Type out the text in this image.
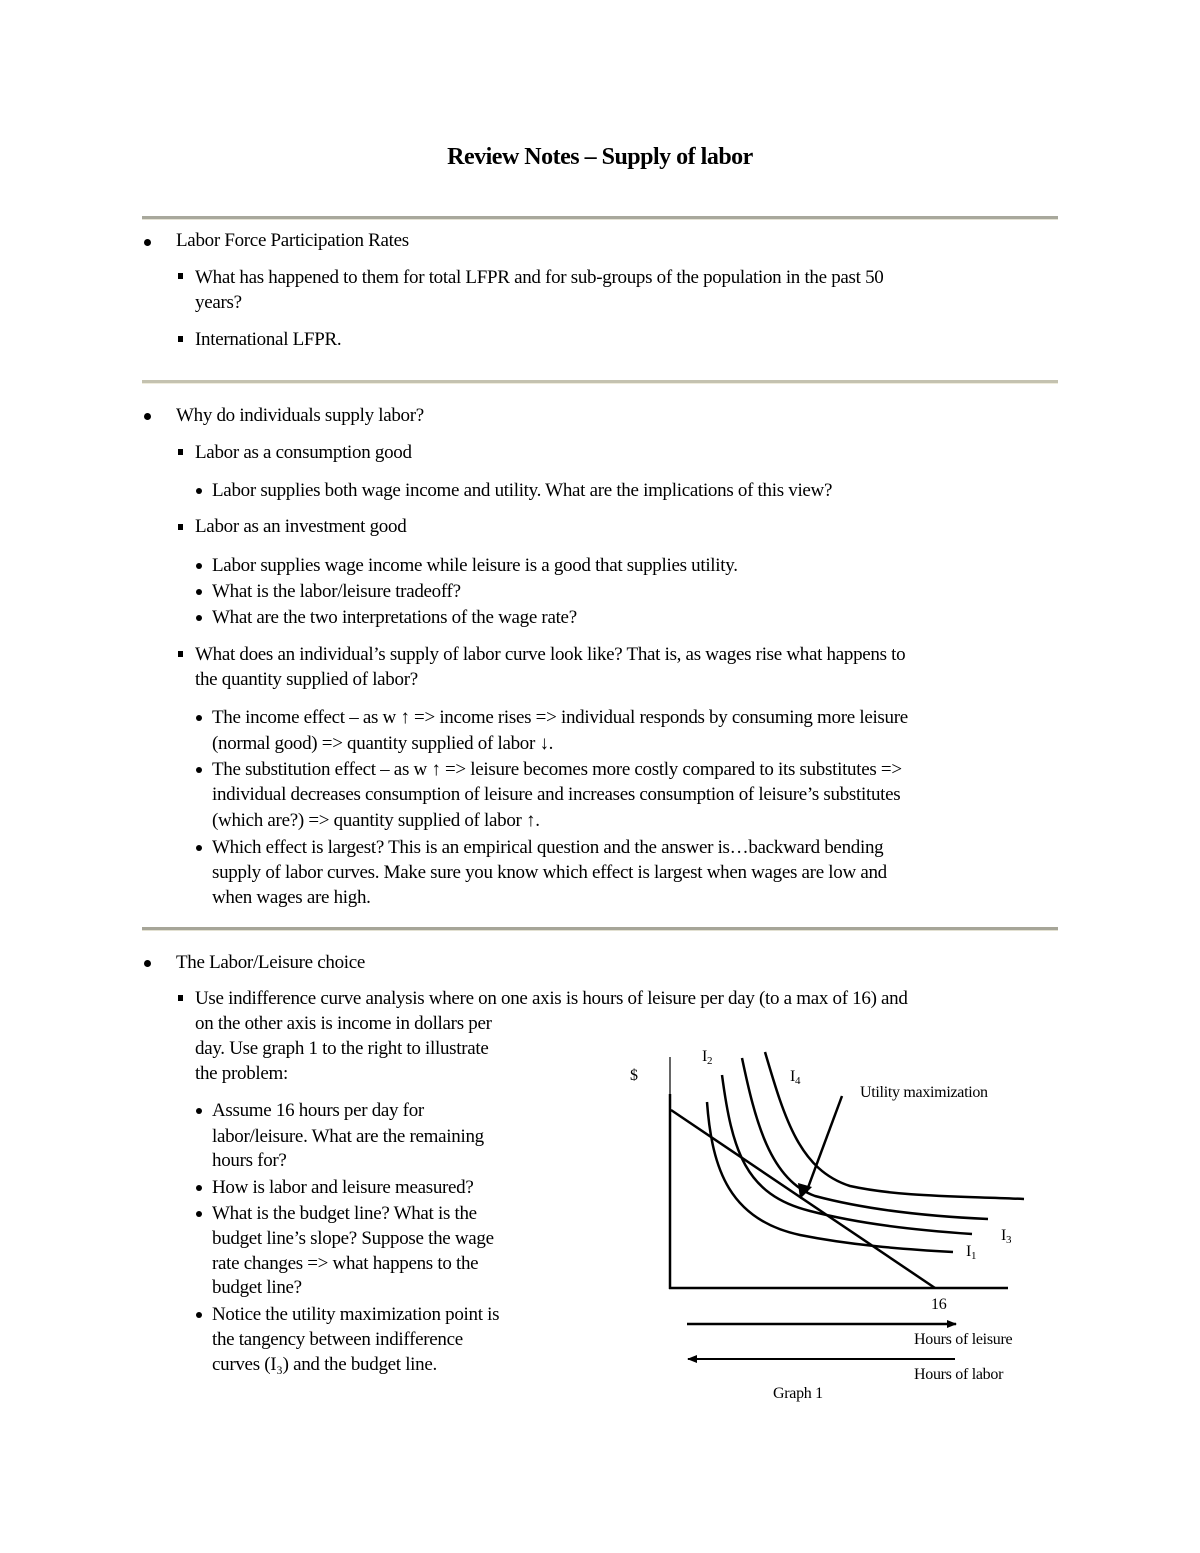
Review Notes – Supply of labor
Labor Force Participation Rates
What has happened to them for total LFPR and for sub-groups of the population in the past 50
years?
International LFPR.
Why do individuals supply labor?
Labor as a consumption good
Labor supplies both wage income and utility. What are the implications of this view?
Labor as an investment good
Labor supplies wage income while leisure is a good that supplies utility.
What is the labor/leisure tradeoff?
What are the two interpretations of the wage rate?
What does an individual’s supply of labor curve look like? That is, as wages rise what happens to
the quantity supplied of labor?
The income effect – as w ↑ => income rises => individual responds by consuming more leisure
(normal good) => quantity supplied of labor ↓.
The substitution effect – as w ↑ => leisure becomes more costly compared to its substitutes =>
individual decreases consumption of leisure and increases consumption of leisure’s substitutes
(which are?) => quantity supplied of labor ↑.
Which effect is largest? This is an empirical question and the answer is…backward bending
supply of labor curves. Make sure you know which effect is largest when wages are low and
when wages are high.
The Labor/Leisure choice
Use indifference curve analysis where on one axis is hours of leisure per day (to a max of 16) and
on the other axis is income in dollars per
day. Use graph 1 to the right to illustrate
the problem:
Assume 16 hours per day for
labor/leisure. What are the remaining
hours for?
How is labor and leisure measured?
What is the budget line? What is the
budget line’s slope? Suppose the wage
rate changes => what happens to the
budget line?
Notice the utility maximization point is
the tangency between indifference
curves (I₃) and the budget line.
$
$I_2$
$I_4$
Utility maximization
$I_3$
$I_1$
16
Hours of leisure
Hours of labor
Graph 1
